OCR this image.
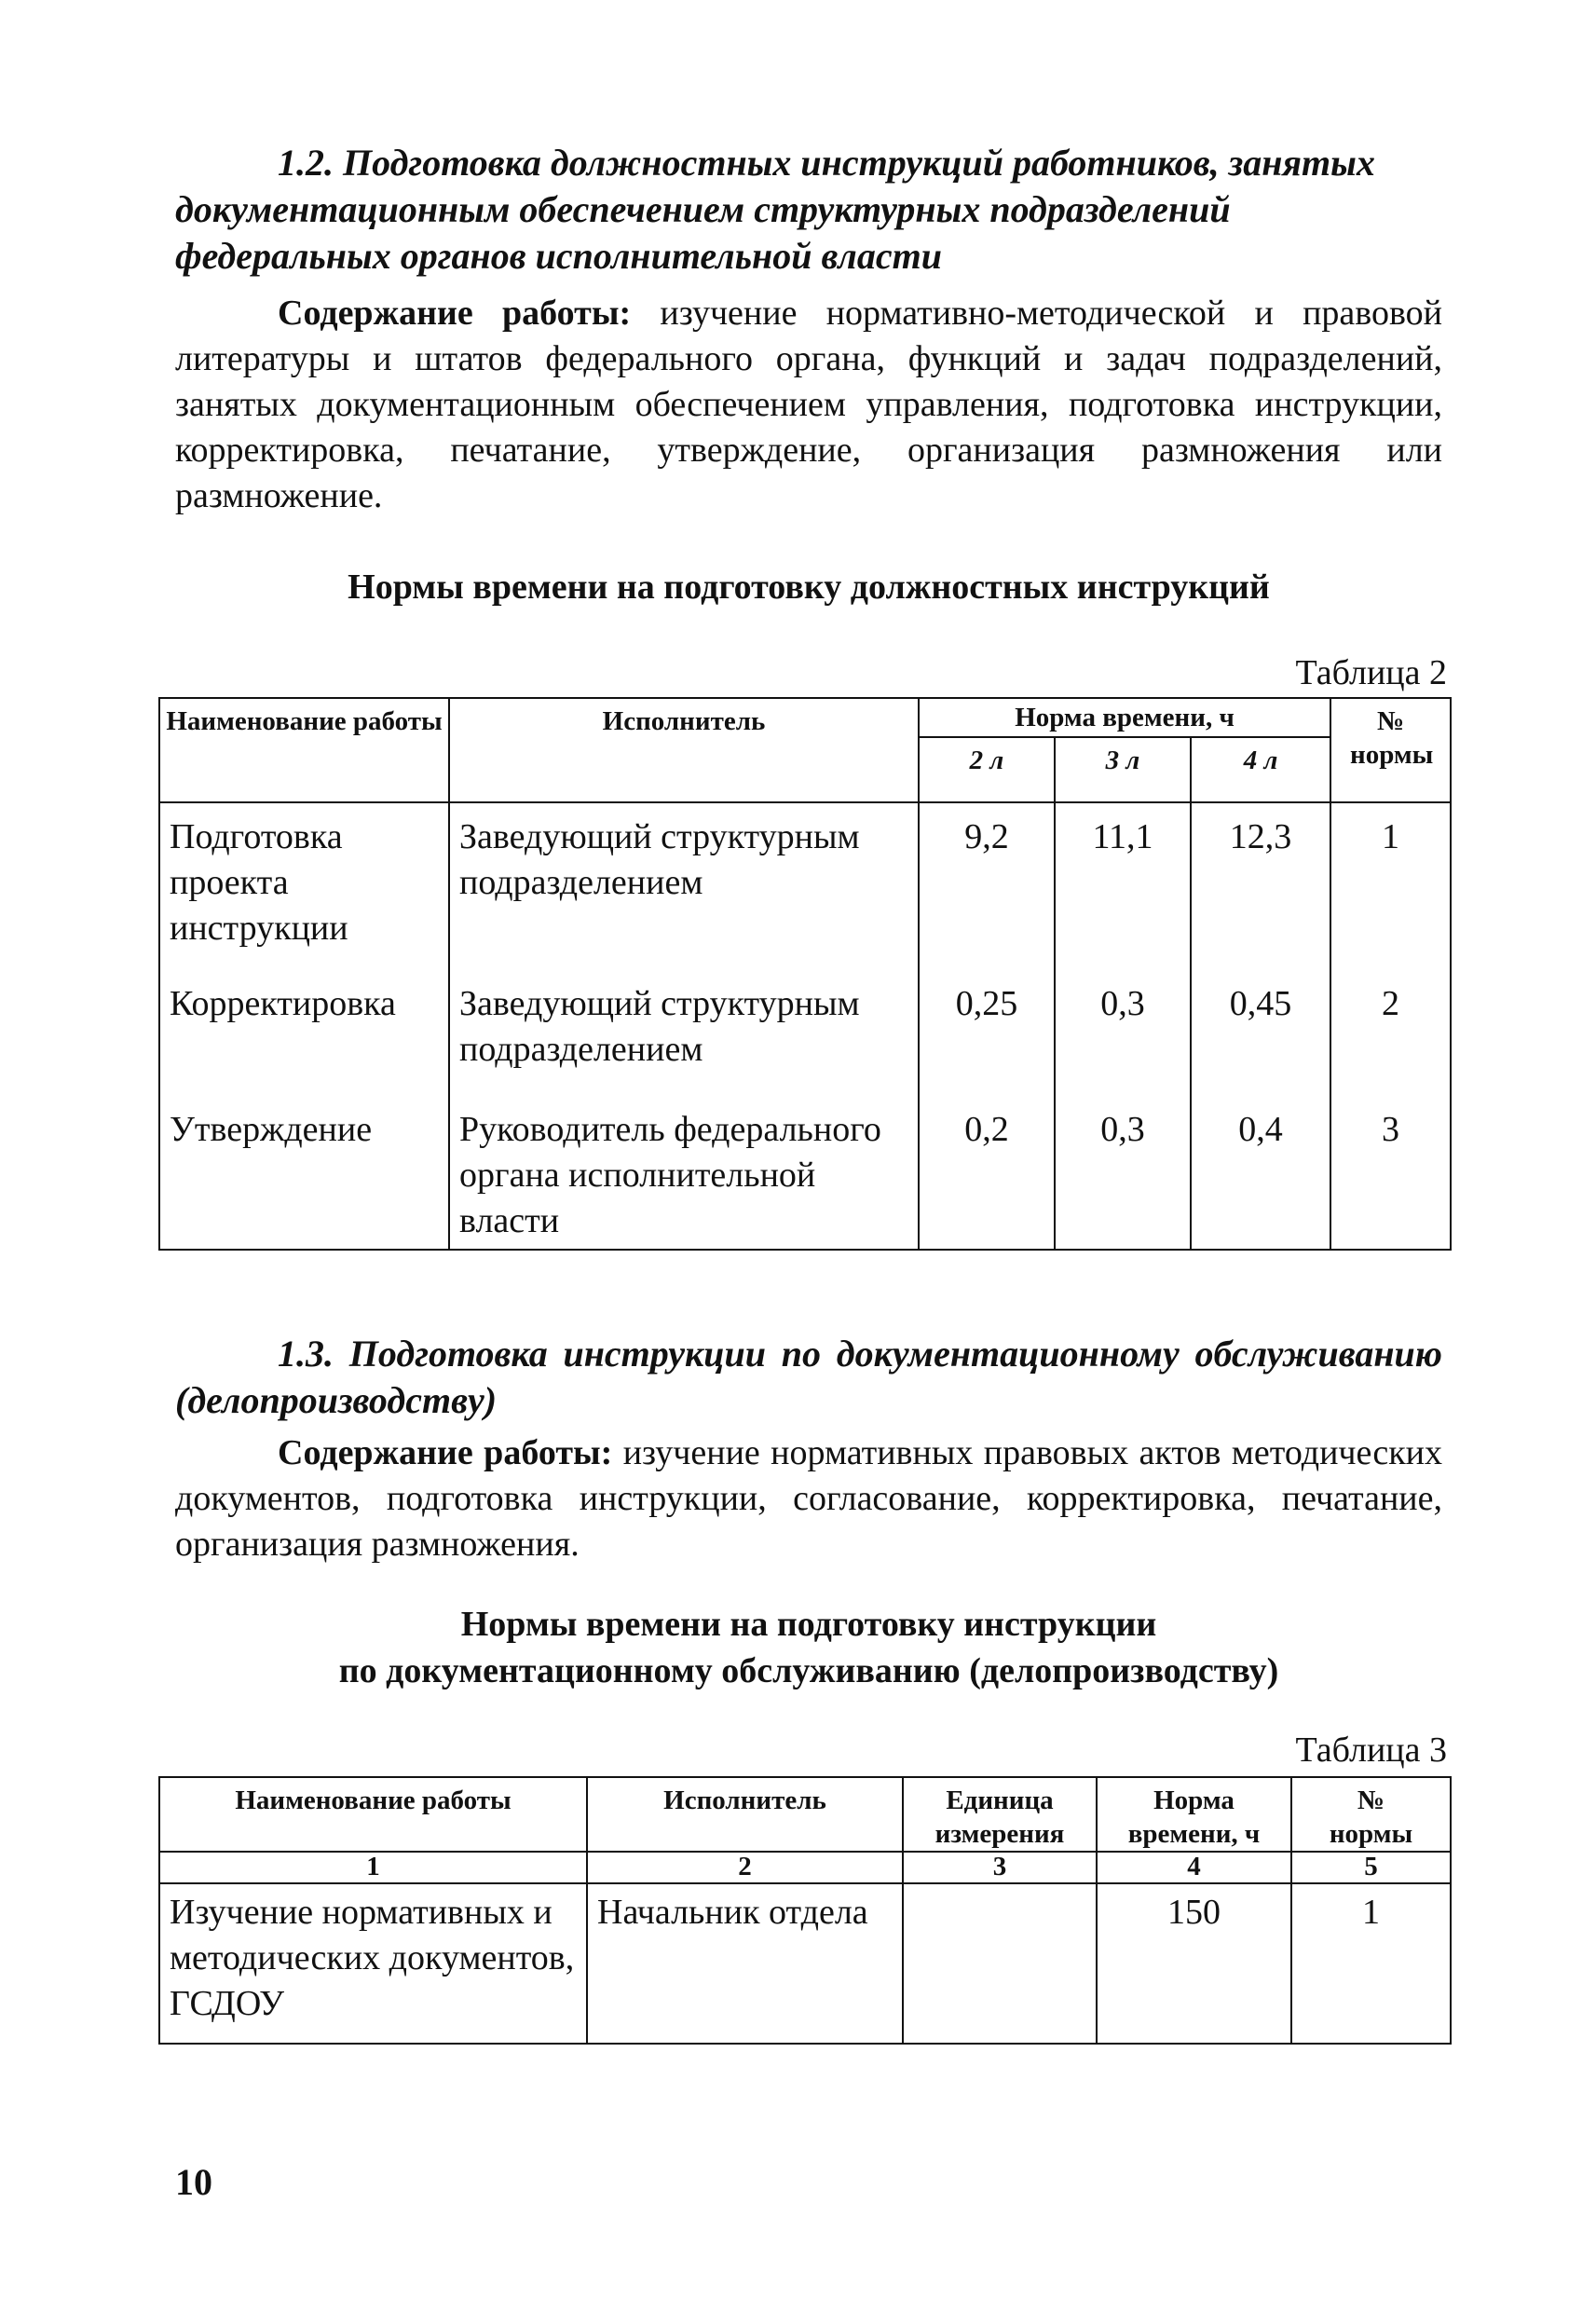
1.2. Подготовка должностных инструкций работников, занятых документационным обеспечением структурных подразделений федеральных органов исполнительной власти
Содержание работы: изучение нормативно-методической и правовой литературы и штатов федерального органа, функций и задач подразделений, занятых документационным обеспечением управления, подготовка инструкции, корректировка, печатание, утверждение, организация размножения или размножение.
Нормы времени на подготовку должностных инструкций
Таблица 2
Наименование работы	Исполнитель	Норма времени, ч			№ нормы
		2 л	3 л	4 л	
Подготовка проекта инструкции	Заведующий структурным подразделением	9,2	11,1	12,3	1
Корректировка	Заведующий структурным подразделением	0,25	0,3	0,45	2
Утверждение	Руководитель федерального органа исполнительной власти	0,2	0,3	0,4	3
1.3. Подготовка инструкции по документационному обслуживанию (делопроизводству)
Содержание работы: изучение нормативных правовых актов методических документов, подготовка инструкции, согласование, корректировка, печатание, организация размножения.
Нормы времени на подготовку инструкции
по документационному обслуживанию (делопроизводству)
Таблица 3
Наименование работы	Исполнитель	Единица измерения	Норма времени, ч	№ нормы
1	2	3	4	5
Изучение нормативных и методических документов, ГСДОУ	Начальник отдела		150	1
10
